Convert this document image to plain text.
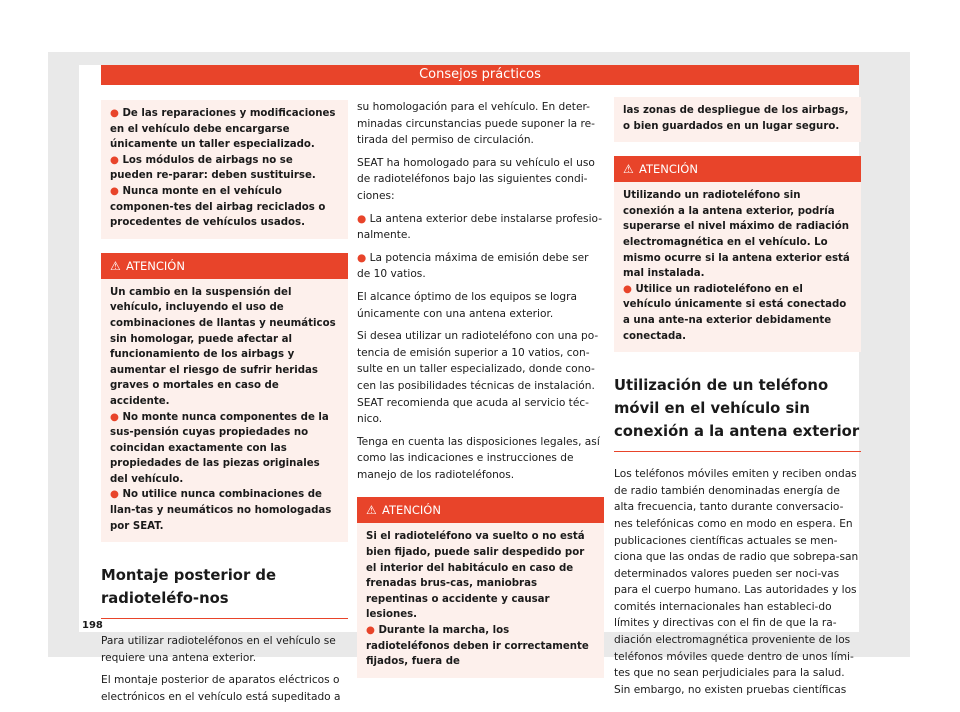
Consejos prácticos

● De las reparaciones y modificaciones en el vehículo debe encargarse únicamente un taller especializado.

● Los módulos de airbags no se pueden re-parar: deben sustituirse.

● Nunca monte en el vehículo componen-tes del airbag reciclados o procedentes de vehículos usados.

⚠ ATENCIÓN

Un cambio en la suspensión del vehículo, incluyendo el uso de combinaciones de llantas y neumáticos sin homologar, puede afectar al funcionamiento de los airbags y aumentar el riesgo de sufrir heridas graves o mortales en caso de accidente.

● No monte nunca componentes de la sus-pensión cuyas propiedades no coincidan exactamente con las propiedades de las piezas originales del vehículo.

● No utilice nunca combinaciones de llan-tas y neumáticos no homologadas por SEAT.

Montaje posterior de radioteléfo-nos

Para utilizar radioteléfonos en el vehículo se requiere una antena exterior.

El montaje posterior de aparatos eléctricos o electrónicos en el vehículo está supeditado a

su homologación para el vehículo. En deter-minadas circunstancias puede suponer la re-tirada del permiso de circulación.

SEAT ha homologado para su vehículo el uso de radioteléfonos bajo las siguientes condi-ciones:

● La antena exterior debe instalarse profesio-nalmente.

● La potencia máxima de emisión debe ser de 10 vatios.

El alcance óptimo de los equipos se logra únicamente con una antena exterior.

Si desea utilizar un radioteléfono con una po-tencia de emisión superior a 10 vatios, con-sulte en un taller especializado, donde cono-cen las posibilidades técnicas de instalación. SEAT recomienda que acuda al servicio téc-nico.

Tenga en cuenta las disposiciones legales, así como las indicaciones e instrucciones de manejo de los radioteléfonos.

⚠ ATENCIÓN

Si el radioteléfono va suelto o no está bien fijado, puede salir despedido por el interior del habitáculo en caso de frenadas brus-cas, maniobras repentinas o accidente y causar lesiones.

● Durante la marcha, los radioteléfonos deben ir correctamente fijados, fuera de

las zonas de despliegue de los airbags, o bien guardados en un lugar seguro.

⚠ ATENCIÓN

Utilizando un radioteléfono sin conexión a la antena exterior, podría superarse el nivel máximo de radiación electromagnética en el vehículo. Lo mismo ocurre si la antena exterior está mal instalada.

● Utilice un radioteléfono en el vehículo únicamente si está conectado a una ante-na exterior debidamente conectada.

Utilización de un teléfono móvil en el vehículo sin conexión a la antena exterior

Los teléfonos móviles emiten y reciben ondas de radio también denominadas energía de alta frecuencia, tanto durante conversacio-nes telefónicas como en modo en espera. En publicaciones científicas actuales se men-ciona que las ondas de radio que sobrepa-san determinados valores pueden ser noci-vas para el cuerpo humano. Las autoridades y los comités internacionales han estableci-do límites y directivas con el fin de que la ra-diación electromagnética proveniente de los teléfonos móviles quede dentro de unos lími-tes que no sean perjudiciales para la salud. Sin embargo, no existen pruebas científicas

198
